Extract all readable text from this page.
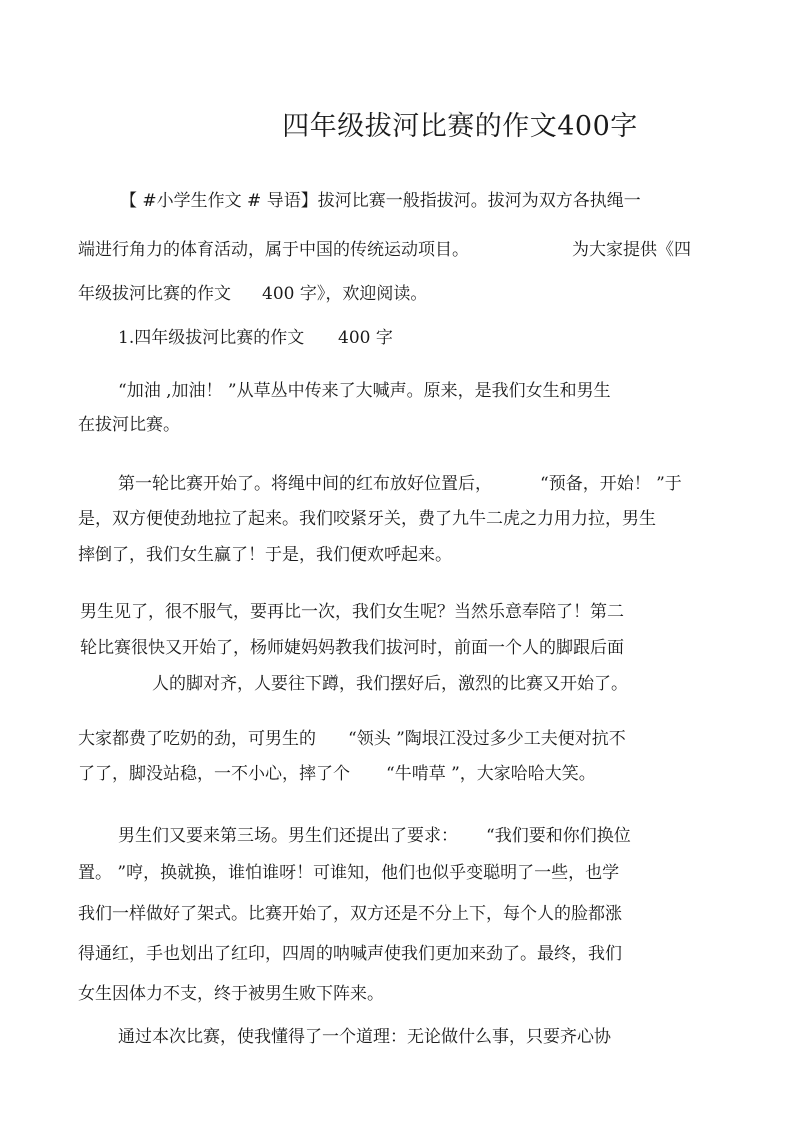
四年级拔河比赛的作文400字
【 #小学生作文 # 导语】拔河比赛一般指拔河。拔河为双方各执绳一
端进行角力的体育活动，属于中国的传统运动项目。	为大家提供《四
年级拔河比赛的作文 400 字》，欢迎阅读。
1.四年级拔河比赛的作文 400 字
“加油 ,加油！ ”从草丛中传来了大喊声。原来，是我们女生和男生
在拔河比赛。
第一轮比赛开始了。将绳中间的红布放好位置后，	“预备，开始！ ”于
是，双方便使劲地拉了起来。我们咬紧牙关，费了九牛二虎之力用力拉，男生
摔倒了，我们女生赢了！于是，我们便欢呼起来。
男生见了，很不服气，要再比一次，我们女生呢？当然乐意奉陪了！第二
轮比赛很快又开始了，杨师婕妈妈教我们拔河时，前面一个人的脚跟后面
人的脚对齐，人要往下蹲，我们摆好后，激烈的比赛又开始了。
大家都费了吃奶的劲，可男生的 “领头 ”陶垠江没过多少工夫便对抗不
了了，脚没站稳，一不小心，摔了个 “牛啃草 ”，大家哈哈大笑。
男生们又要来第三场。男生们还提出了要求： “我们要和你们换位
置。 ”哼，换就换，谁怕谁呀！可谁知，他们也似乎变聪明了一些，也学
我们一样做好了架式。比赛开始了，双方还是不分上下，每个人的脸都涨
得通红，手也划出了红印，四周的呐喊声使我们更加来劲了。最终，我们
女生因体力不支，终于被男生败下阵来。
通过本次比赛，使我懂得了一个道理：无论做什么事，只要齐心协
